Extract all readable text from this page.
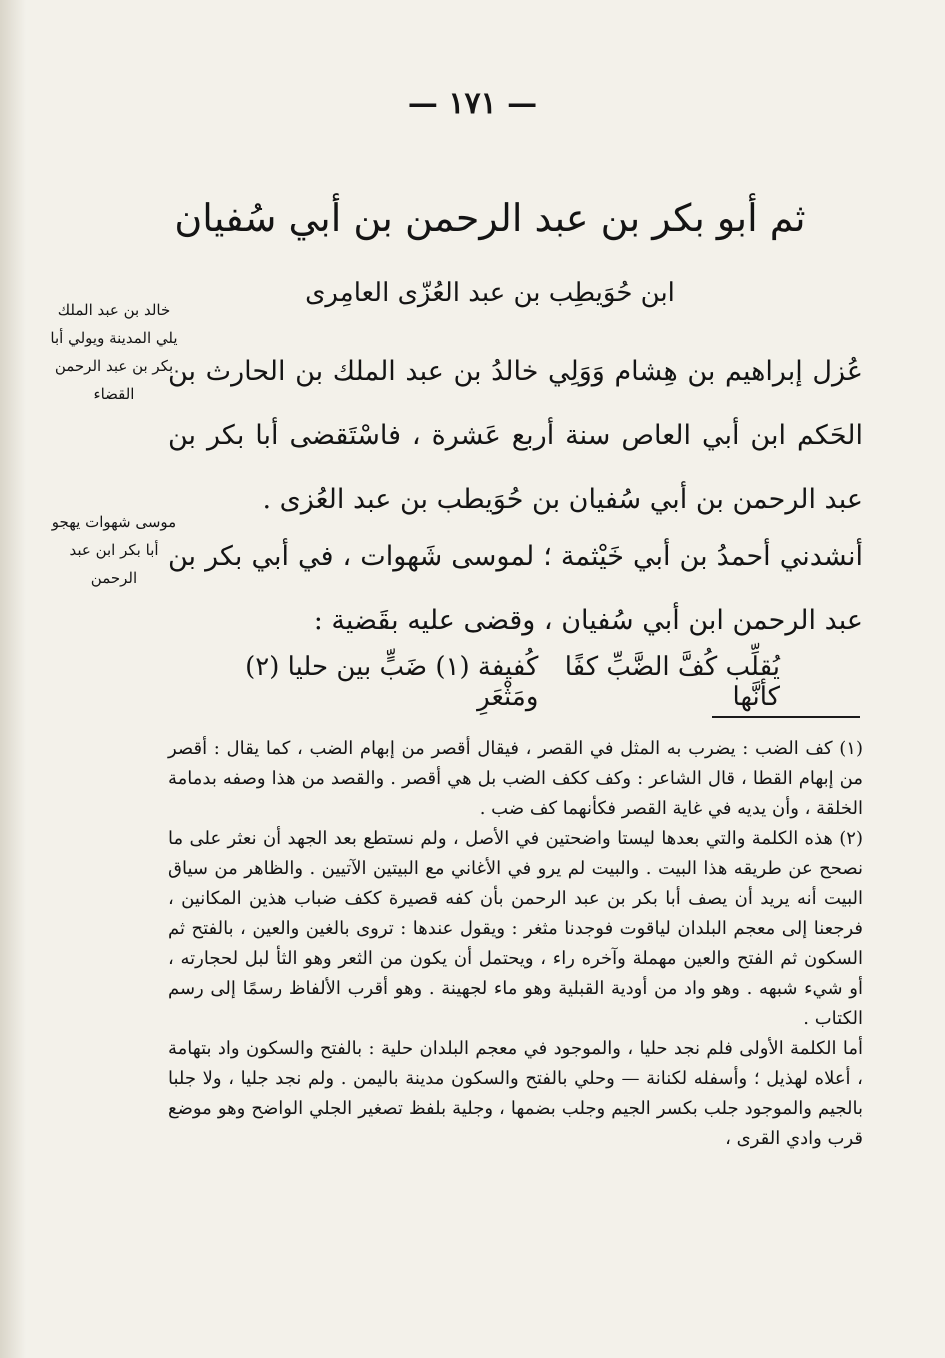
— ١٧١ —
ثم أبو بكر بن عبد الرحمن بن أبي سُفيان
ابن حُوَيطِب بن عبد العُزّى العامِرى
خالد بن عبد الملك يلي المدينة ويولي أبا بكر بن عبد الرحمن القضاء
موسى شهوات يهجو أبا بكر ابن عبد الرحمن

عُزل إبراهيم بن هِشام وَوَلِي خالدُ بن عبد الملك بن الحارث بن الحَكم ابن أبي العاص سنة أربع عَشرة ، فاسْتَقضى أبا بكر بن عبد الرحمن بن أبي سُفيان بن حُوَيطب بن عبد العُزى .

أنشدني أحمدُ بن أبي خَيْثمة ؛ لموسى شَهوات ، في أبي بكر بن عبد الرحمن ابن أبي سُفيان ، وقضى عليه بقَضية :

يُقلِّب كُفَّ الضَّبِّ كفًا كأنَّها
كُفيفة (١) ضَبٍّ بين حليا (٢) ومَثْعَرِ

(١) كف الضب : يضرب به المثل في القصر ، فيقال أقصر من إبهام الضب ، كما يقال : أقصر من إبهام القطا ، قال الشاعر : وكف ككف الضب بل هي أقصر . والقصد من هذا وصفه بدمامة الخلقة ، وأن يديه في غاية القصر فكأنهما كف ضب .

(٢) هذه الكلمة والتي بعدها ليستا واضحتين في الأصل ، ولم نستطع بعد الجهد أن نعثر على ما نصحح عن طريقه هذا البيت . والبيت لم يرو في الأغاني مع البيتين الآتيين . والظاهر من سياق البيت أنه يريد أن يصف أبا بكر بن عبد الرحمن بأن كفه قصيرة ككف ضباب هذين المكانين ، فرجعنا إلى معجم البلدان لياقوت فوجدنا مثغر : ويقول عندها : تروى بالغين والعين ، بالفتح ثم السكون ثم الفتح والعين مهملة وآخره راء ، ويحتمل أن يكون من الثعر وهو الثأ لبل لحجارته ، أو شيء شبهه . وهو واد من أودية القبلية وهو ماء لجهينة . وهو أقرب الألفاظ رسمًا إلى رسم الكتاب .

أما الكلمة الأولى فلم نجد حليا ، والموجود في معجم البلدان حلية : بالفتح والسكون واد بتهامة ، أعلاه لهذيل ؛ وأسفله لكنانة — وحلي بالفتح والسكون مدينة باليمن . ولم نجد جليا ، ولا جلبا بالجيم والموجود جلب بكسر الجيم وجلب بضمها ، وجلية بلفظ تصغير الجلي الواضح وهو موضع قرب وادي القرى ،
